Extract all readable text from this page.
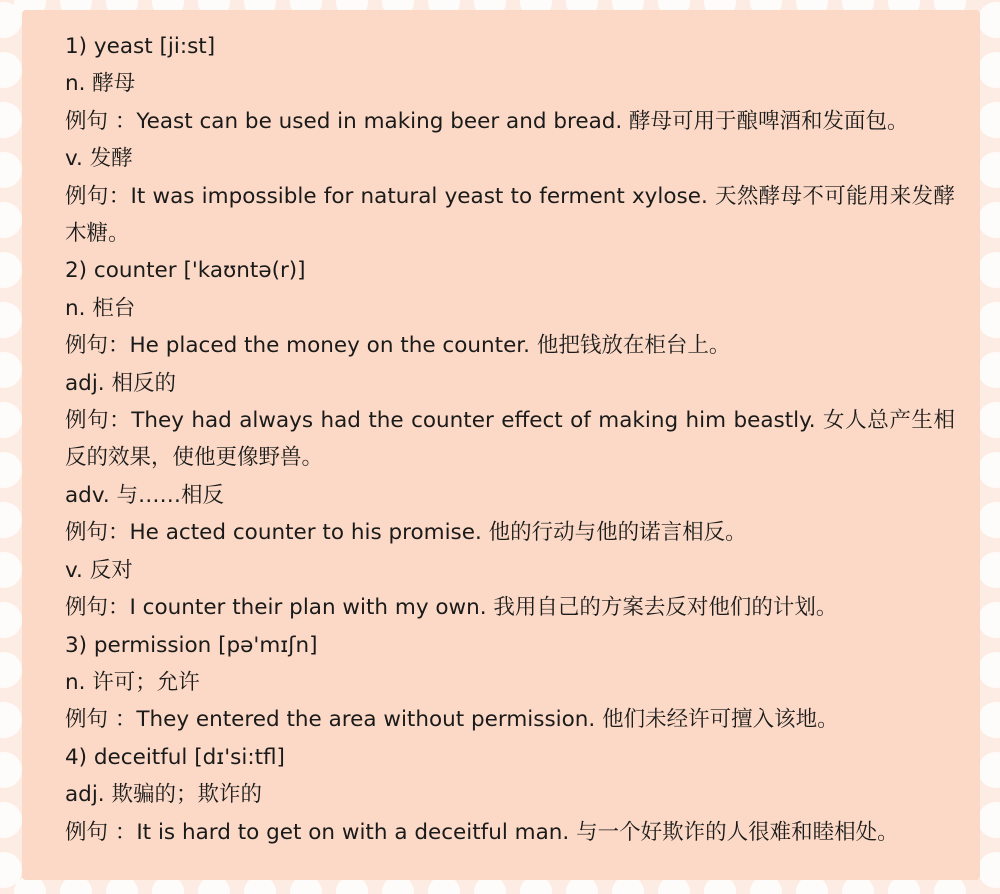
1) yeast [ji:st]
n. 酵母
例句 ：Yeast can be used in making beer and bread. 酵母可用于酿啤酒和发面包。
v. 发酵
例句：It was impossible for natural yeast to ferment xylose. 天然酵母不可能用来发酵木糖。
2) counter ['kaʊntə(r)]
n. 柜台
例句：He placed the money on the counter. 他把钱放在柜台上。
adj. 相反的
例句：They had always had the counter effect of making him beastly. 女人总产生相反的效果，使他更像野兽。
adv. 与……相反
例句：He acted counter to his promise. 他的行动与他的诺言相反。
v. 反对
例句：I counter their plan with my own. 我用自己的方案去反对他们的计划。
3) permission [pə'mɪʃn]
n. 许可；允许
例句 ：They entered the area without permission. 他们未经许可擅入该地。
4) deceitful [dɪ'si:tfl]
adj. 欺骗的；欺诈的
例句 ：It is hard to get on with a deceitful man. 与一个好欺诈的人很难和睦相处。
